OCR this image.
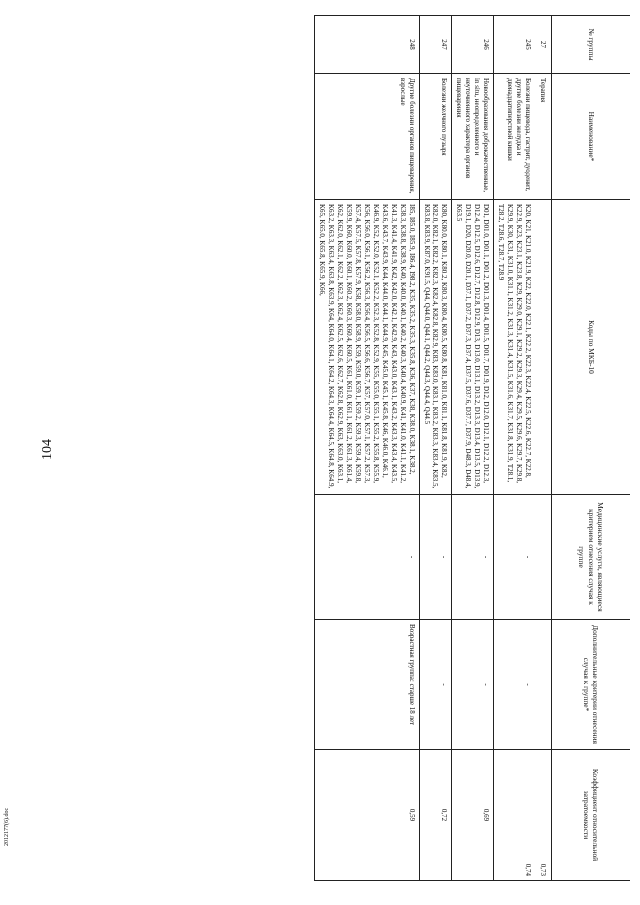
104
2012177(6).doc
№ группы	Наименование*	Коды по МКБ-10	Медицинские услуги, являющиеся критерием отнесения случая к группе	Дополнительные критерии отнесения случая к группе*	Коэффициент относительной затратоемкости
27	Терапия				0,73
245	Болезни пищевода, гастрит, дуоденит, другие болезни желудка и двенадцатиперстной кишки	K20, K21, K21.0, K21.9, K22, K22.0, K22.1, K22.2, K22.3, K22.4, K22.5, K22.6, K22.7, K22.8, K22.9, K23, K23.1, K23.8, K29, K29.0, K29.1, K29.2, K29.3, K29.4, K29.5, K29.6, K29.7, K29.8, K29.9, K30, K31, K31.0, K31.1, K31.2, K31.3, K31.4, K31.5, K31.6, K31.7, K31.8, K31.9, T28.1, T28.2, T28.6, T28.7, T28.9	-	-	0,74
246	Новообразования доброкачественные, in situ, неопределенного и неуточненного характера органов пищеварения	D01, D01.0, D01.1, D01.2, D01.3, D01.4, D01.5, D01.7, D01.9, D12, D12.0, D12.1, D12.2, D12.3, D12.4, D12.5, D12.6, D12.7, D12.8, D12.9, D13, D13.0, D13.1, D13.2, D13.3, D13.4, D13.5, D13.9, D19.1, D20, D20.0, D20.1, D37.1, D37.2, D37.3, D37.4, D37.5, D37.6, D37.7, D37.9, D48.3, D48.4, K63.5	-	-	0,69
247	Болезни желчного пузыря	K80, K80.0, K80.1, K80.2, K80.3, K80.4, K80.5, K80.8, K81, K81.0, K81.1, K81.8, K81.9, K82, K82.0, K82.1, K82.2, K82.3, K82.4, K82.8, K82.9, K83, K83.0, K83.1, K83.2, K83.3, K83.4, K83.5, K83.8, K83.9, K87.0, K91.5, Q44, Q44.0, Q44.1, Q44.2, Q44.3, Q44.4, Q44.5	-	-	0,72
248	Другие болезни органов пищеварения, взрослые	I85, I85.0, I85.9, I86.4, I98.2, K35, K35.2, K35.3, K35.8, K36, K37, K38, K38.0, K38.1, K38.2, K38.3, K38.8, K38.9, K40, K40.0, K40.1, K40.2, K40.3, K40.4, K40.9, K41, K41.0, K41.1, K41.2, K41.3, K41.4, K41.9, K42, K42.0, K42.1, K42.9, K43, K43.0, K43.1, K43.2, K43.3, K43.4, K43.5, K43.6, K43.7, K43.9, K44, K44.0, K44.1, K44.9, K45, K45.0, K45.1, K45.8, K46, K46.0, K46.1, K46.9, K52, K52.0, K52.1, K52.2, K52.3, K52.8, K52.9, K55, K55.0, K55.1, K55.2, K55.8, K55.9, K56, K56.0, K56.1, K56.2, K56.3, K56.4, K56.5, K56.6, K56.7, K57, K57.0, K57.1, K57.2, K57.3, K57.4, K57.5, K57.8, K57.9, K58, K58.0, K58.9, K59, K59.0, K59.1, K59.2, K59.3, K59.4, K59.8, K59.9, K60, K60.0, K60.1, K60.2, K60.3, K60.4, K60.5, K61, K61.0, K61.1, K61.2, K61.3, K61.4, K62, K62.0, K62.1, K62.2, K62.3, K62.4, K62.5, K62.6, K62.7, K62.8, K62.9, K63, K63.0, K63.1, K63.2, K63.3, K63.4, K63.8, K63.9, K64, K64.0, K64.1, K64.2, K64.3, K64.4, K64.5, K64.8, K64.9, K65, K65.0, K65.8, K65.9, K66,	-	Возрастная группа: старше 18 лет	0,59
